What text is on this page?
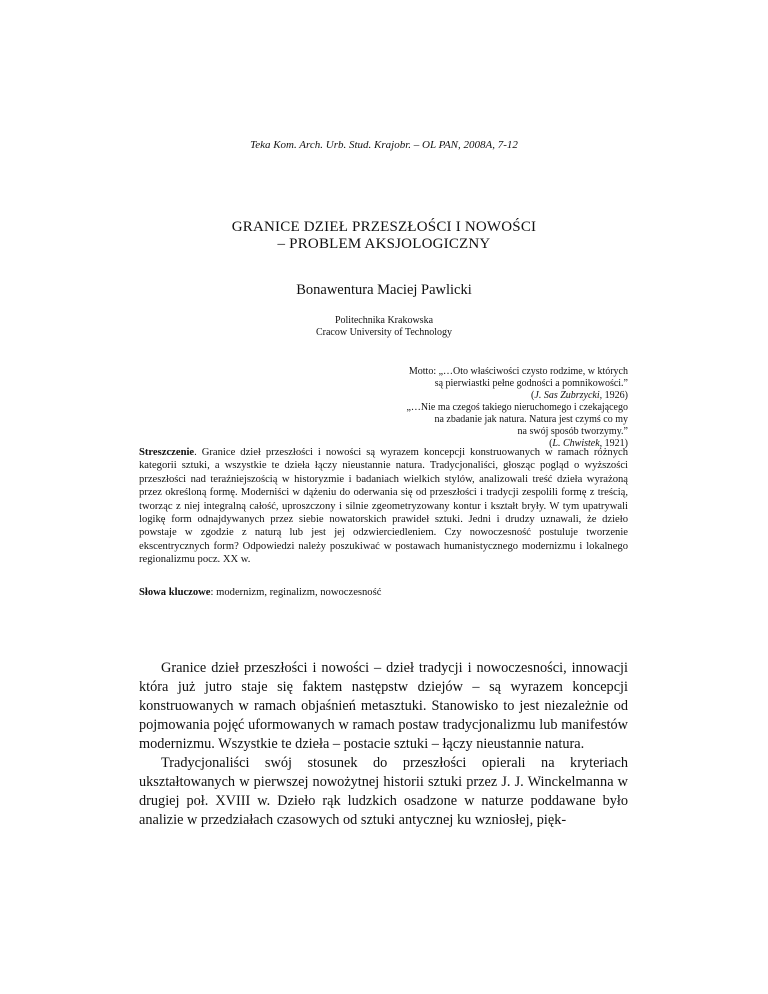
Teka Kom. Arch. Urb. Stud. Krajobr. – OL PAN, 2008A, 7-12
GRANICE DZIEŁ PRZESZŁOŚCI I NOWOŚCI
– PROBLEM AKSJOLOGICZNY
Bonawentura Maciej Pawlicki
Politechnika Krakowska
Cracow University of Technology
Motto: „…Oto właściwości czysto rodzime, w których
są pierwiastki pełne godności a pomnikowości.”
(J. Sas Zubrzycki, 1926)
„…Nie ma czegoś takiego nieruchomego i czekającego
na zbadanie jak natura. Natura jest czymś co my
na swój sposób tworzymy.”
(L. Chwistek, 1921)
Streszczenie. Granice dzieł przeszłości i nowości są wyrazem koncepcji konstruowanych w ramach różnych kategorii sztuki, a wszystkie te dzieła łączy nieustannie natura. Tradycjonaliści, głosząc pogląd o wyższości przeszłości nad teraźniejszością w historyzmie i badaniach wielkich stylów, analizowali treść dzieła wyrażoną przez określoną formę. Moderniści w dążeniu do oderwania się od przeszłości i tradycji zespolili formę z treścią, tworząc z niej integralną całość, uproszczony i silnie zgeometryzowany kontur i kształt bryły. W tym upatrywali logikę form odnajdywanych przez siebie nowatorskich prawideł sztuki. Jedni i drudzy uznawali, że dzieło powstaje w zgodzie z naturą lub jest jej odzwierciedleniem. Czy nowoczesność postuluje tworzenie ekscentrycznych form? Odpowiedzi należy poszukiwać w postawach humanistycznego modernizmu i lokalnego regionalizmu pocz. XX w.
Słowa kluczowe: modernizm, reginalizm, nowoczesność

Granice dzieł przeszłości i nowości – dzieł tradycji i nowoczesności, innowacji która już jutro staje się faktem następstw dziejów – są wyrazem koncepcji konstruowanych w ramach objaśnień metasztuki. Stanowisko to jest niezależnie od pojmowania pojęć uformowanych w ramach postaw tradycjonalizmu lub manifestów modernizmu. Wszystkie te dzieła – postacie sztuki – łączy nieustannie natura.

Tradycjonaliści swój stosunek do przeszłości opierali na kryteriach ukształtowanych w pierwszej nowożytnej historii sztuki przez J. J. Winckelmanna w drugiej poł. XVIII w. Dzieło rąk ludzkich osadzone w naturze poddawane było analizie w przedziałach czasowych od sztuki antycznej ku wzniosłej, pięk-
